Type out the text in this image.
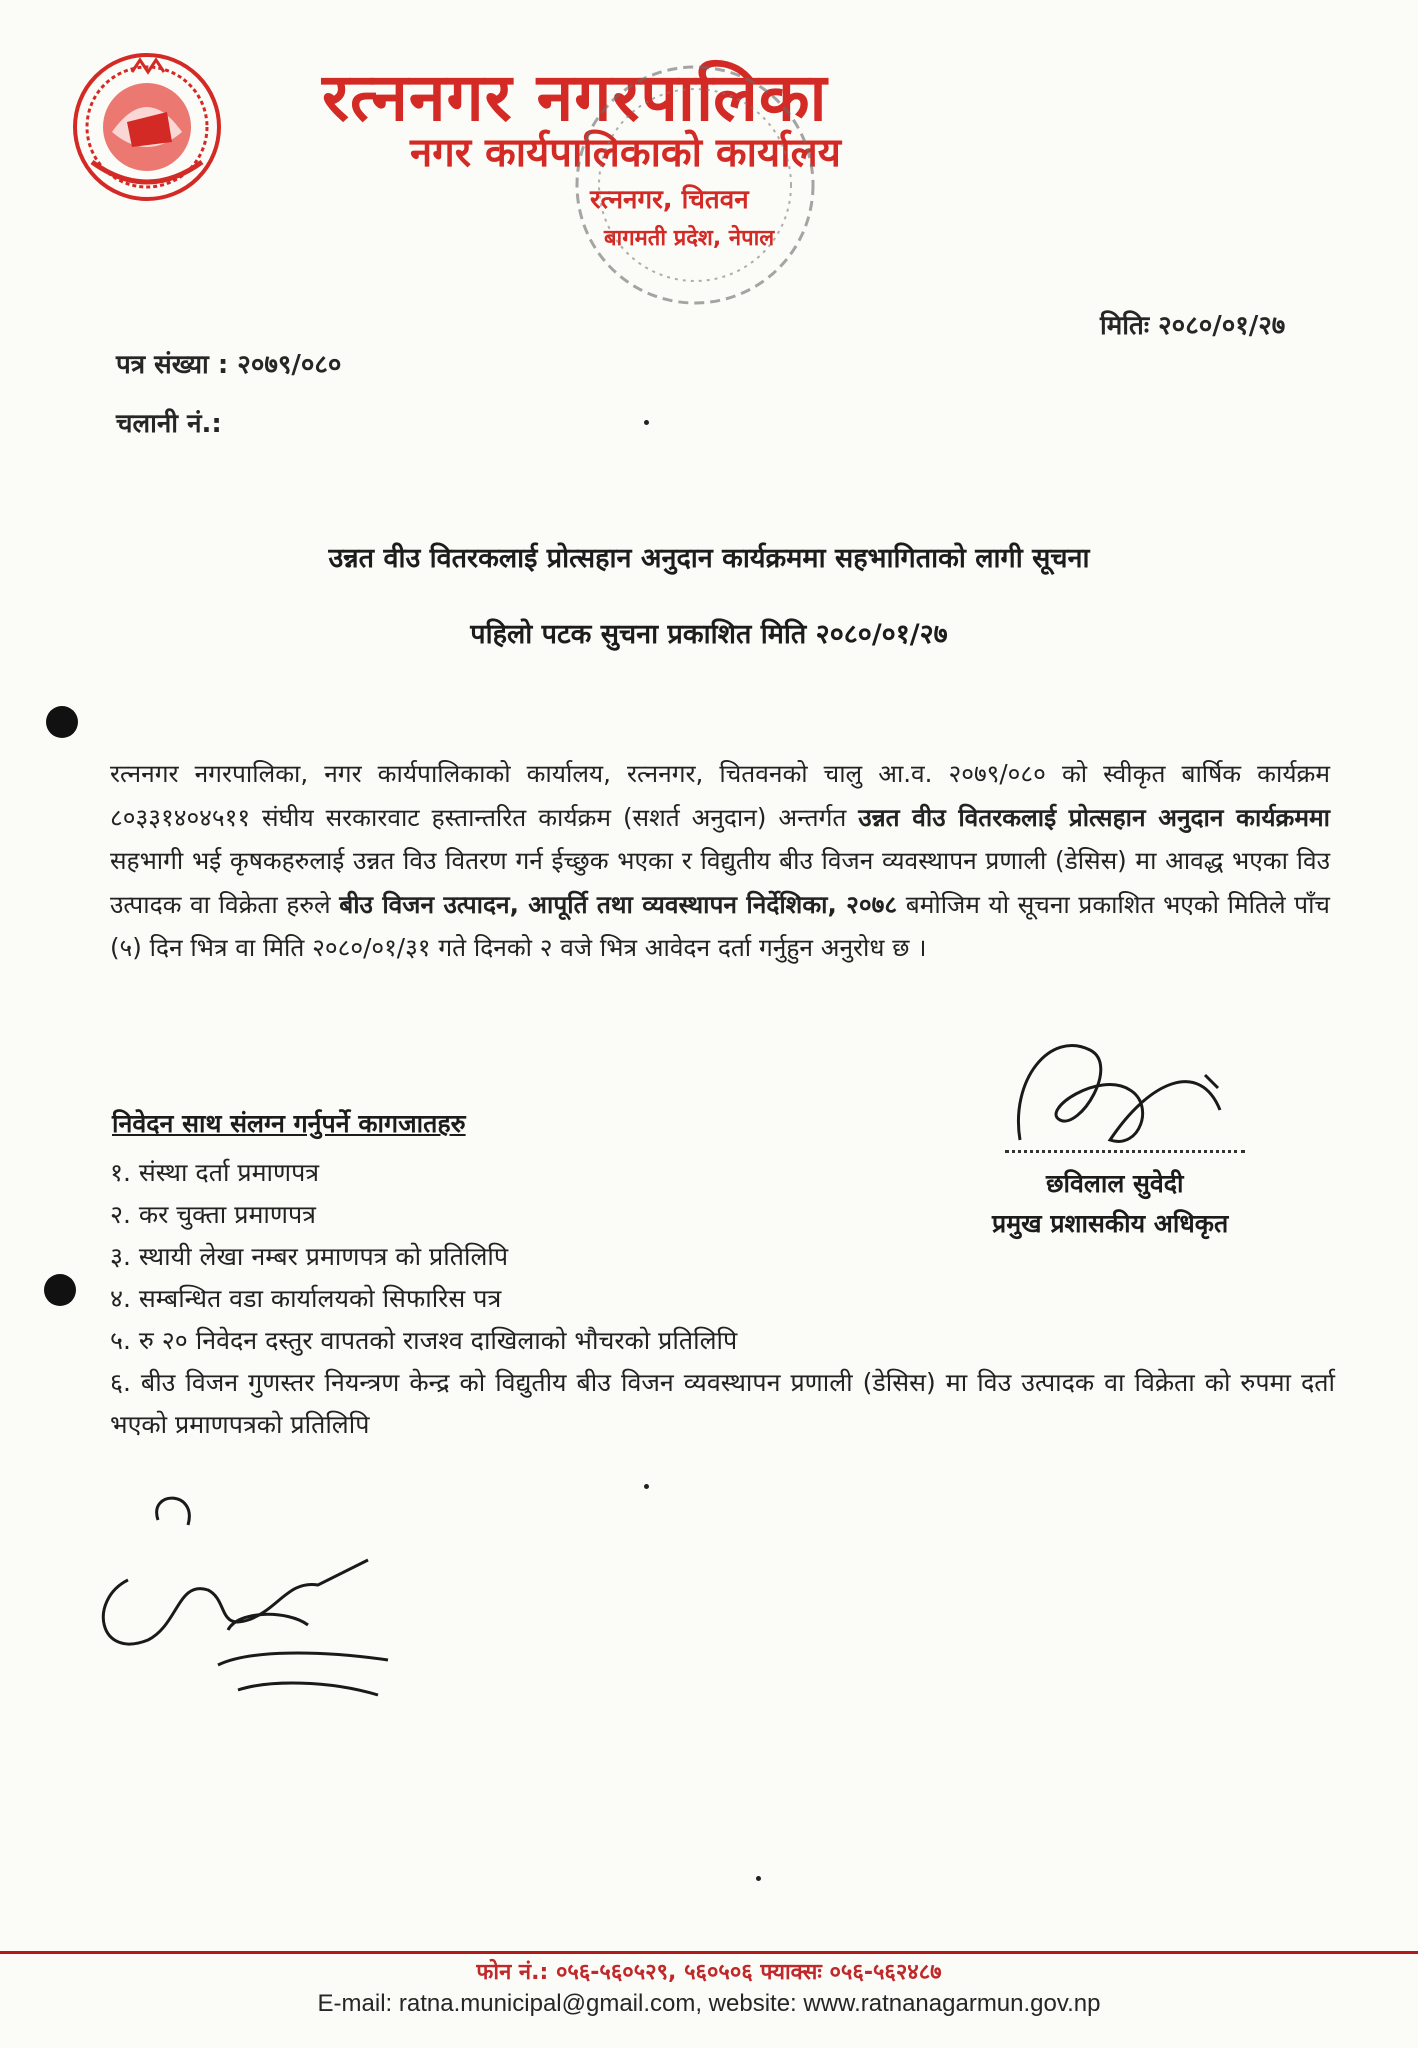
रत्ननगर नगरपालिका
नगर कार्यपालिकाको कार्यालय
रत्ननगर, चितवन
बागमती प्रदेश, नेपाल
मितिः २०८०/०१/२७
पत्र संख्या : २०७९/०८०
चलानी नं.:
उन्नत वीउ वितरकलाई प्रोत्सहान अनुदान कार्यक्रममा सहभागिताको लागी सूचना
पहिलो पटक सुचना प्रकाशित मिति २०८०/०१/२७
रत्ननगर नगरपालिका, नगर कार्यपालिकाको कार्यालय, रत्ननगर, चितवनको चालु आ.व. २०७९/०८० को स्वीकृत बार्षिक कार्यक्रम ८०३३१४०४५११ संघीय सरकारवाट हस्तान्तरित कार्यक्रम (सशर्त अनुदान) अन्तर्गत उन्नत वीउ वितरकलाई प्रोत्सहान अनुदान कार्यक्रममा सहभागी भई कृषकहरुलाई उन्नत विउ वितरण गर्न ईच्छुक भएका र विद्युतीय बीउ विजन व्यवस्थापन प्रणाली (डेसिस) मा आवद्ध भएका विउ उत्पादक वा विक्रेता हरुले बीउ विजन उत्पादन, आपूर्ति तथा व्यवस्थापन निर्देशिका, २०७८ बमोजिम यो सूचना प्रकाशित भएको मितिले पाँच (५) दिन भित्र वा मिति २०८०/०१/३१ गते दिनको २ वजे भित्र आवेदन दर्ता गर्नुहुन अनुरोध छ ।
निवेदन साथ संलग्न गर्नुपर्ने कागजातहरु
१. संस्था दर्ता प्रमाणपत्र
२. कर चुक्ता प्रमाणपत्र
३. स्थायी लेखा नम्बर प्रमाणपत्र को प्रतिलिपि
४. सम्बन्धित वडा कार्यालयको सिफारिस पत्र
५. रु २० निवेदन दस्तुर वापतको राजश्व दाखिलाको भौचरको प्रतिलिपि
६. बीउ विजन गुणस्तर नियन्त्रण केन्द्र को विद्युतीय बीउ विजन व्यवस्थापन प्रणाली (डेसिस) मा विउ उत्पादक वा विक्रेता को रुपमा दर्ता भएको प्रमाणपत्रको प्रतिलिपि
छविलाल सुवेदी
प्रमुख प्रशासकीय अधिकृत
फोन नं.: ०५६-५६०५२९, ५६०५०६ फ्याक्सः ०५६-५६२४८७
E-mail: ratna.municipal@gmail.com, website: www.ratnanagarmun.gov.np
